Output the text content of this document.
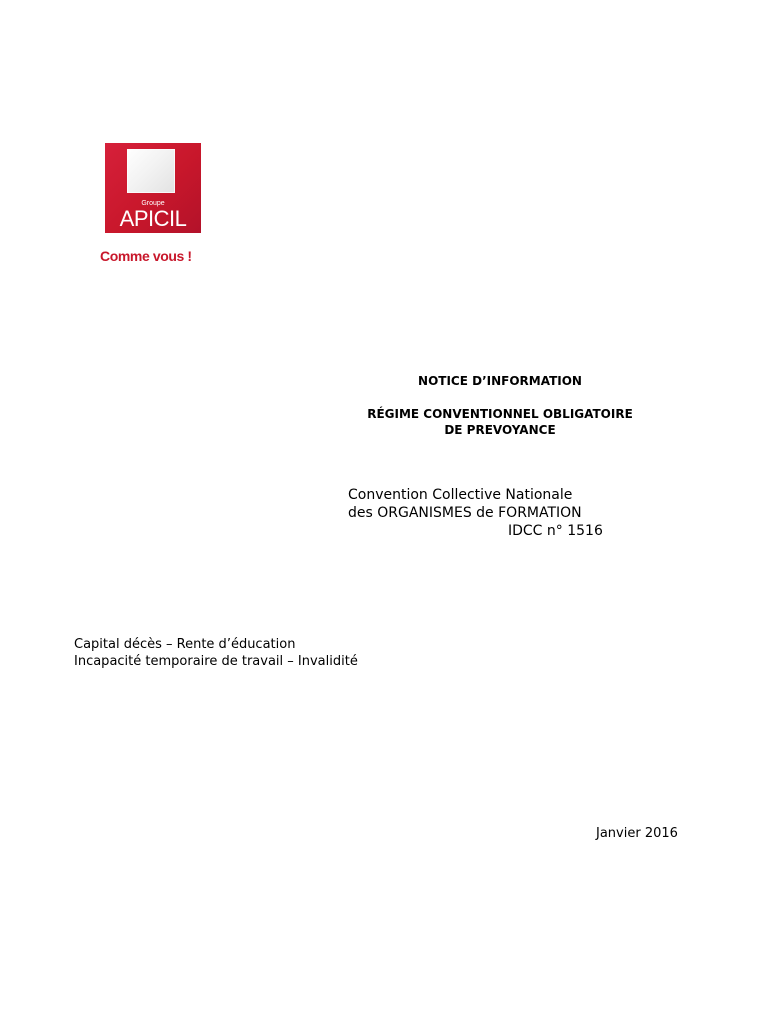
Groupe
APICIL
Comme vous !
NOTICE D’INFORMATION
RÉGIME CONVENTIONNEL OBLIGATOIRE
DE PREVOYANCE
Convention Collective Nationale
des ORGANISMES de FORMATION
IDCC n° 1516
Capital décès – Rente d’éducation
Incapacité temporaire de travail – Invalidité
Janvier 2016
